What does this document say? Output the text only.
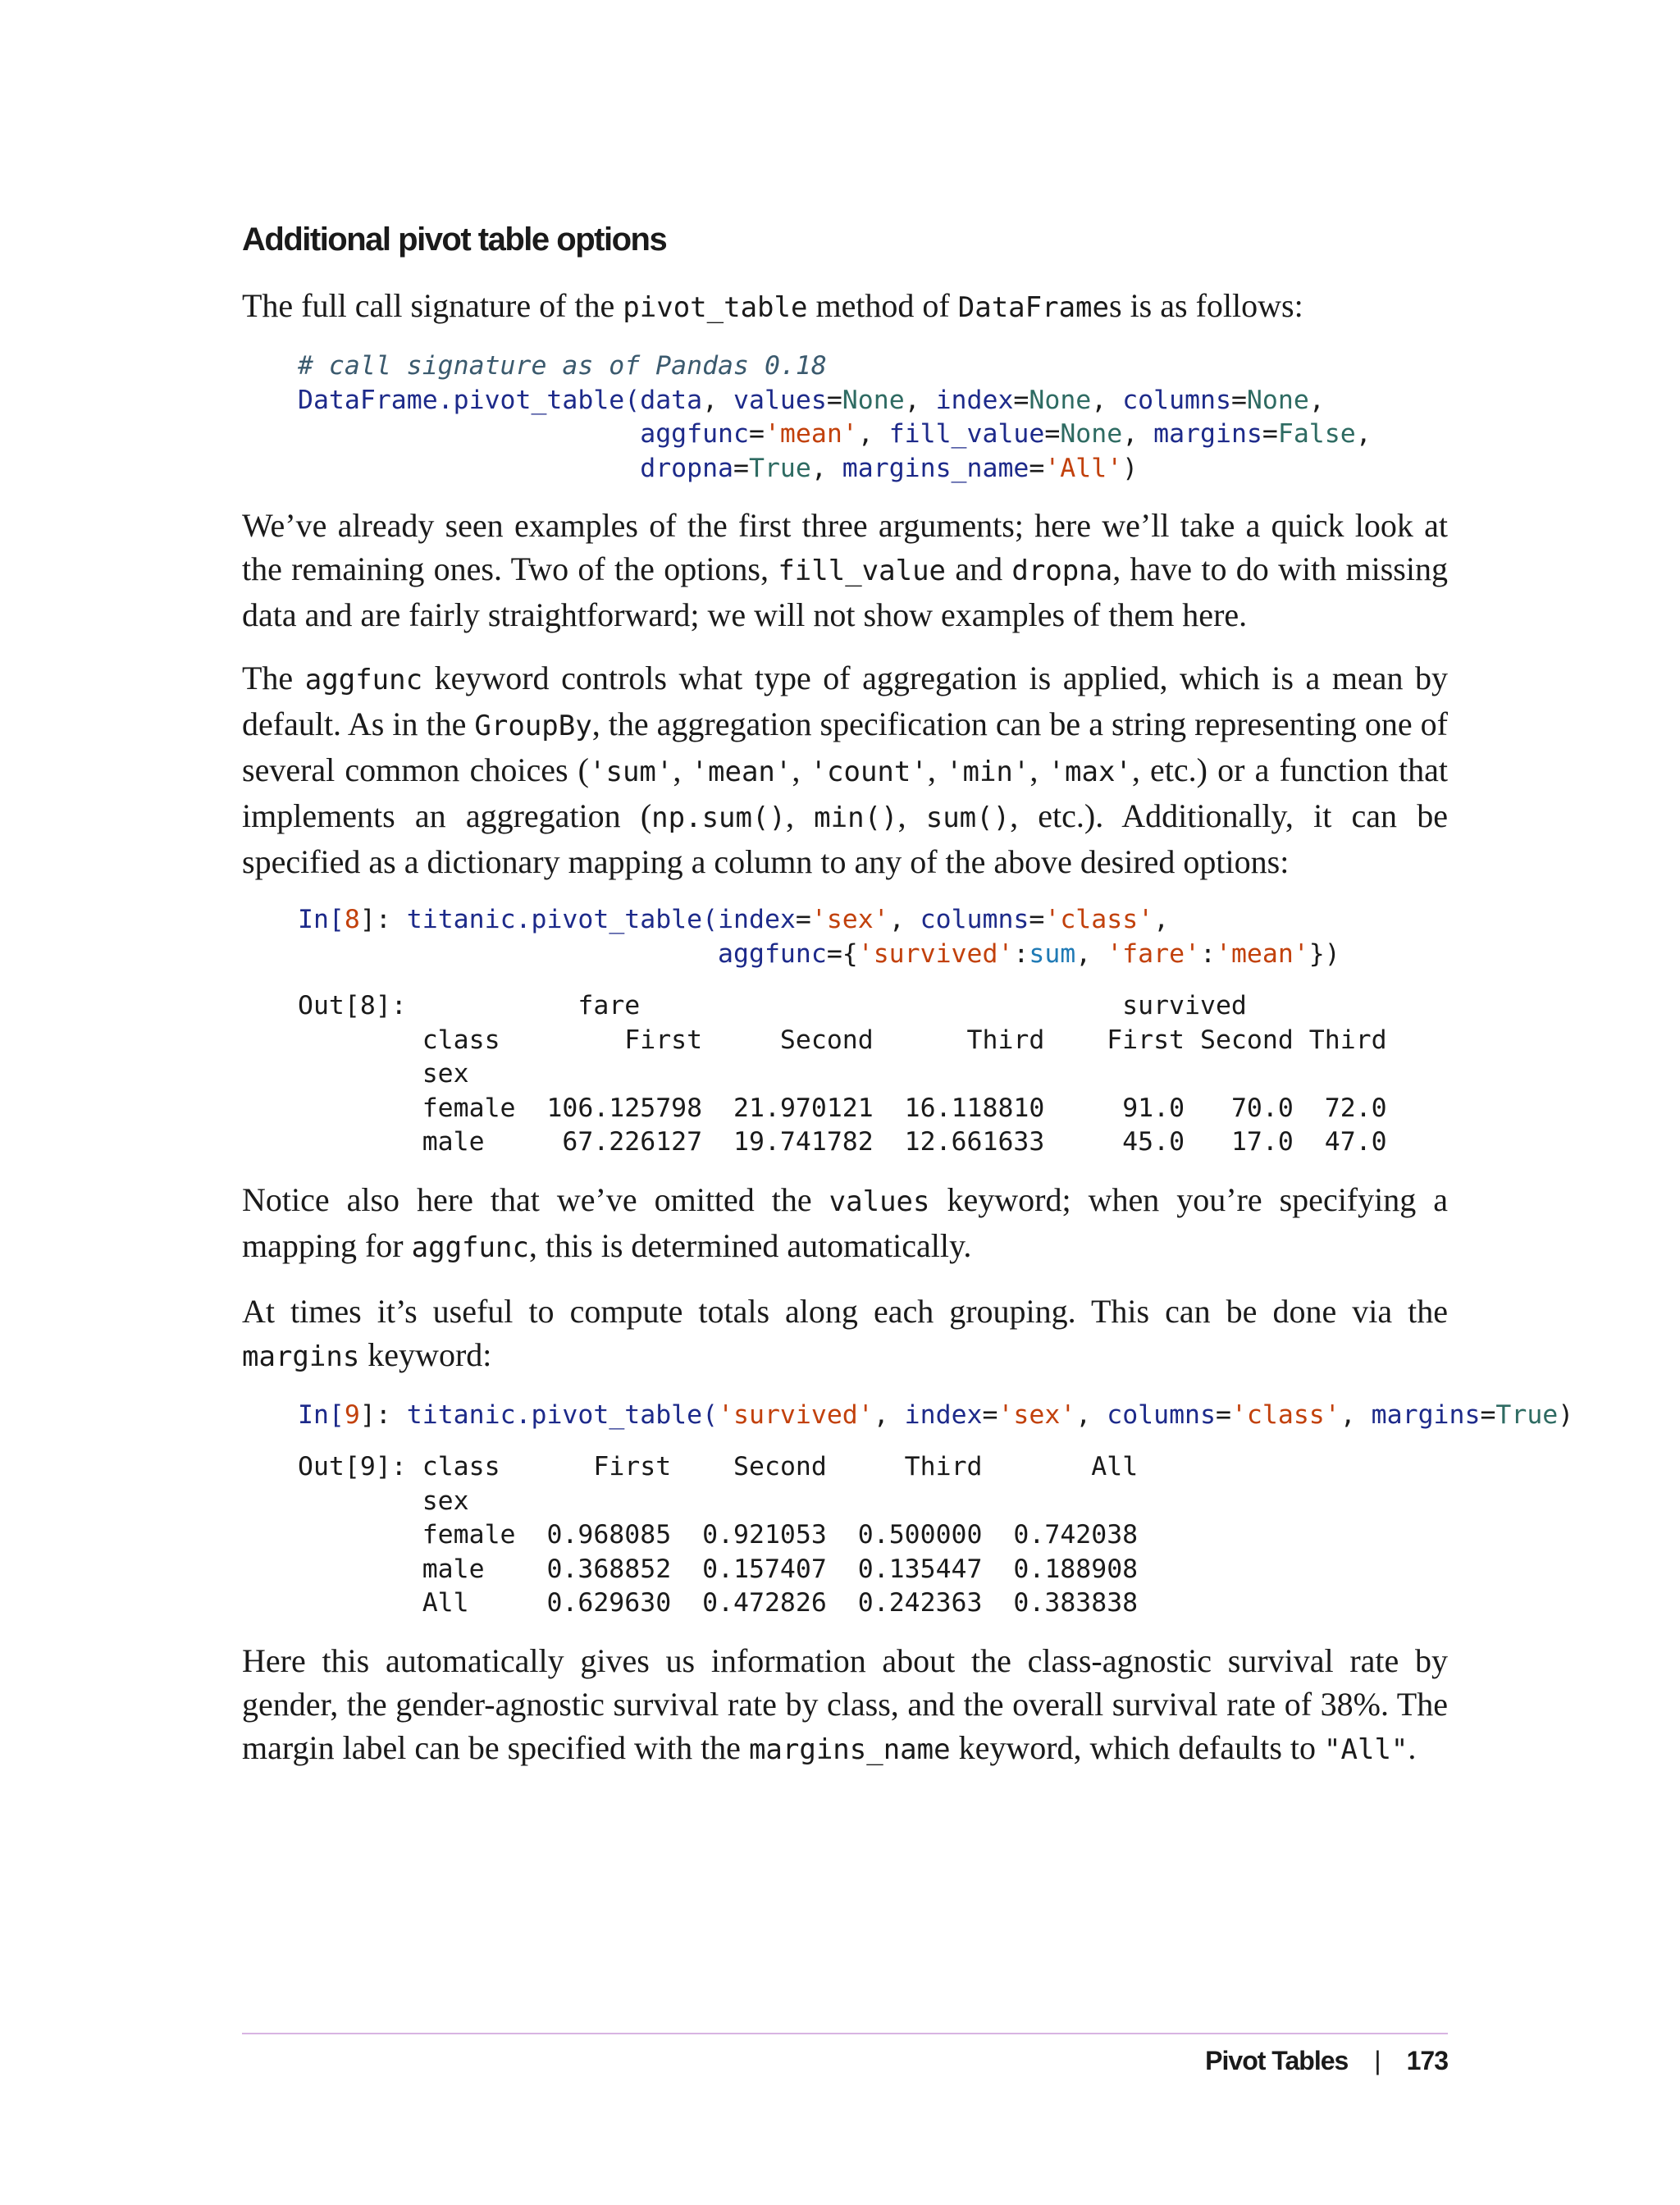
Additional pivot table options

The full call signature of the pivot_table method of DataFrames is as follows:

# call signature as of Pandas 0.18
DataFrame.pivot_table(data, values=None, index=None, columns=None,
aggfunc='mean', fill_value=None, margins=False,
dropna=True, margins_name='All')

We’ve already seen examples of the first three arguments; here we’ll take a quick look at the remaining ones. Two of the options, fill_value and dropna, have to do with missing data and are fairly straightforward; we will not show examples of them here.

The aggfunc keyword controls what type of aggregation is applied, which is a mean by default. As in the GroupBy, the aggregation specification can be a string representing one of several common choices ('sum', 'mean', 'count', 'min', 'max', etc.) or a function that implements an aggregation (np.sum(), min(), sum(), etc.). Additionally, it can be specified as a dictionary mapping a column to any of the above desired options:

In[8]: titanic.pivot_table(index='sex', columns='class',
aggfunc={'survived':sum, 'fare':'mean'})
Out[8]:	fare	survived
class	First	Second	Third First Second Third
sex
female 106.125798 21.970121 16.118810	91.0 70.0 72.0
male	67.226127 19.741782 12.661633	45.0 17.0 47.0

Notice also here that we’ve omitted the values keyword; when you’re specifying a mapping for aggfunc, this is determined automatically.

At times it’s useful to compute totals along each grouping. This can be done via the margins keyword:

In[9]: titanic.pivot_table('survived', index='sex', columns='class', margins=True)
Out[9]: class	First Second	Third	All
sex
female 0.968085 0.921053 0.500000 0.742038
male 0.368852 0.157407 0.135447 0.188908
All	0.629630 0.472826 0.242363 0.383838

Here this automatically gives us information about the class-agnostic survival rate by gender, the gender-agnostic survival rate by class, and the overall survival rate of 38%. The margin label can be specified with the margins_name keyword, which defaults to "All".

Pivot Tables | 173
